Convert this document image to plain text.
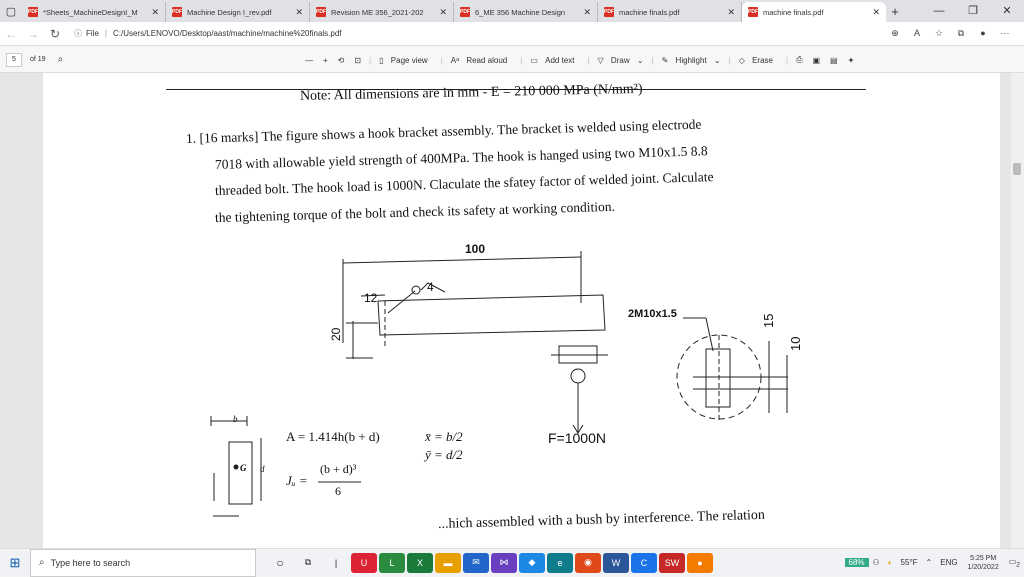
▢	PDF *Sheets_MachineDesignI_M	✕	PDF Machine Design I_rev.pdf	✕	PDF Revision ME 356_2021-202	✕	PDF 6_ME 356 Machine Design	✕	PDF machine finals.pdf	✕	PDF machine finals.pdf	✕ +	—	❐	✕
← → ↻	ⓘ File | C:/Users/LENOVO/Desktop/aast/machine/machine%20finals.pdf	⊕	A	☆	⧉	●	···
5	of 19 ⌕	—	+	⟲	⊡	|	▯ Page view	|	Aᵃ Read aloud	|	▭ Add text	|	▽ Draw ⌄	|	✎ Highlight ⌄	|	◇ Erase	|	⎙	▣	▤	✦
Note: All dimensions are in mm - E = 210 000 MPa (N/mm²)
1. [16 marks] The figure shows a hook bracket assembly. The bracket is welded using electrode
7018 with allowable yield strength of 400MPa. The hook is hanged using two M10x1.5 8.8
threaded bolt. The hook load is 1000N. Claculate the sfatey factor of welded joint. Calculate
the tightening torque of the bolt and check its safety at working condition.
100
12
4
20
2M10x1.5	15
10
F=1000N
b
d
G
A = 1.414h(b + d)
Jᵤ =
(b + d)³
6
x̄ = b/2
ȳ = d/2
...hich assembled with a bush by interference. The relation
⊞	⌕ Type here to search	○	⧉	|	U	L	X	▬	✉	⋈	◆	e	◉	W	C	SW	●	68%	⚇	◐	55°F	⌃	ENG	5:25 PM
1/20/2022
$▭_2$
